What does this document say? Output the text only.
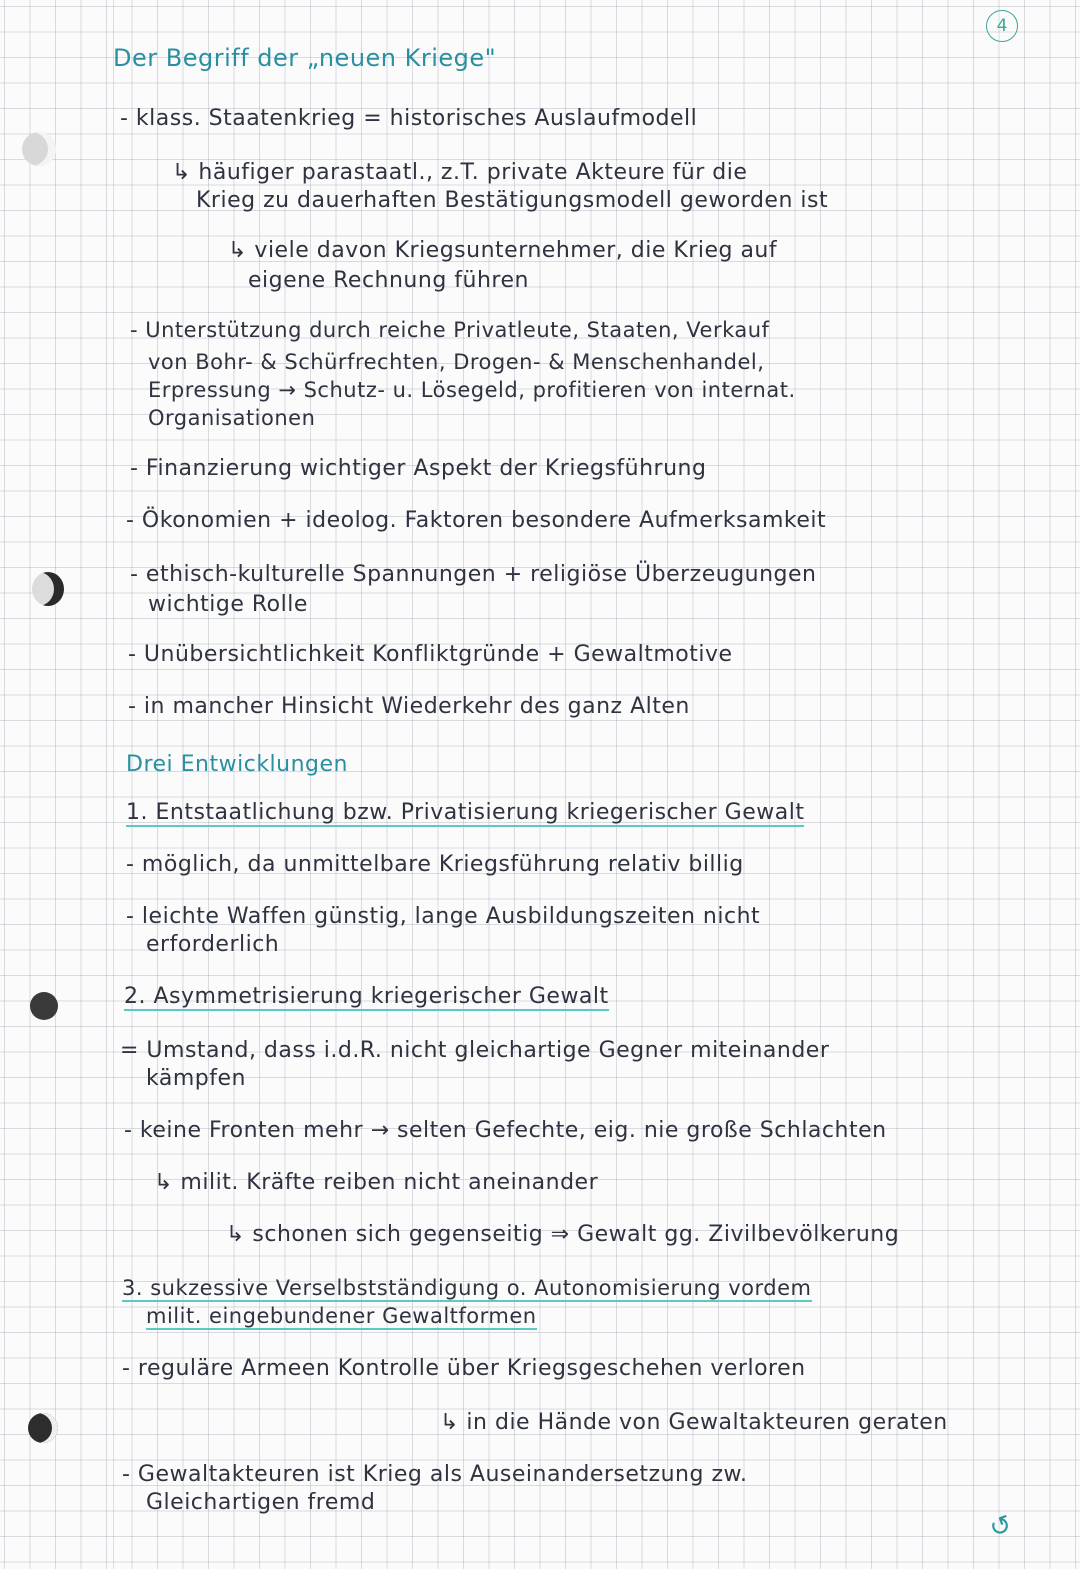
4
Der Begriff der „neuen Kriege"
- klass. Staatenkrieg = historisches Auslaufmodell
↳ häufiger parastaatl., z.T. private Akteure für die
Krieg zu dauerhaften Bestätigungsmodell geworden ist
↳ viele davon Kriegsunternehmer, die Krieg auf
eigene Rechnung führen
- Unterstützung durch reiche Privatleute, Staaten, Verkauf
von Bohr- & Schürfrechten, Drogen- & Menschenhandel,
Erpressung → Schutz- u. Lösegeld, profitieren von internat.
Organisationen
- Finanzierung wichtiger Aspekt der Kriegsführung
- Ökonomien + ideolog. Faktoren besondere Aufmerksamkeit
- ethisch-kulturelle Spannungen + religiöse Überzeugungen
wichtige Rolle
- Unübersichtlichkeit Konfliktgründe + Gewaltmotive
- in mancher Hinsicht Wiederkehr des ganz Alten
Drei Entwicklungen
1. Entstaatlichung bzw. Privatisierung kriegerischer Gewalt
- möglich, da unmittelbare Kriegsführung relativ billig
- leichte Waffen günstig, lange Ausbildungszeiten nicht
erforderlich
2. Asymmetrisierung kriegerischer Gewalt
= Umstand, dass i.d.R. nicht gleichartige Gegner miteinander
kämpfen
- keine Fronten mehr → selten Gefechte, eig. nie große Schlachten
↳ milit. Kräfte reiben nicht aneinander
↳ schonen sich gegenseitig ⇒ Gewalt gg. Zivilbevölkerung
3. sukzessive Verselbstständigung o. Autonomisierung vordem
milit. eingebundener Gewaltformen
- reguläre Armeen Kontrolle über Kriegsgeschehen verloren
↳ in die Hände von Gewaltakteuren geraten
- Gewaltakteuren ist Krieg als Auseinandersetzung zw.
Gleichartigen fremd
↺
